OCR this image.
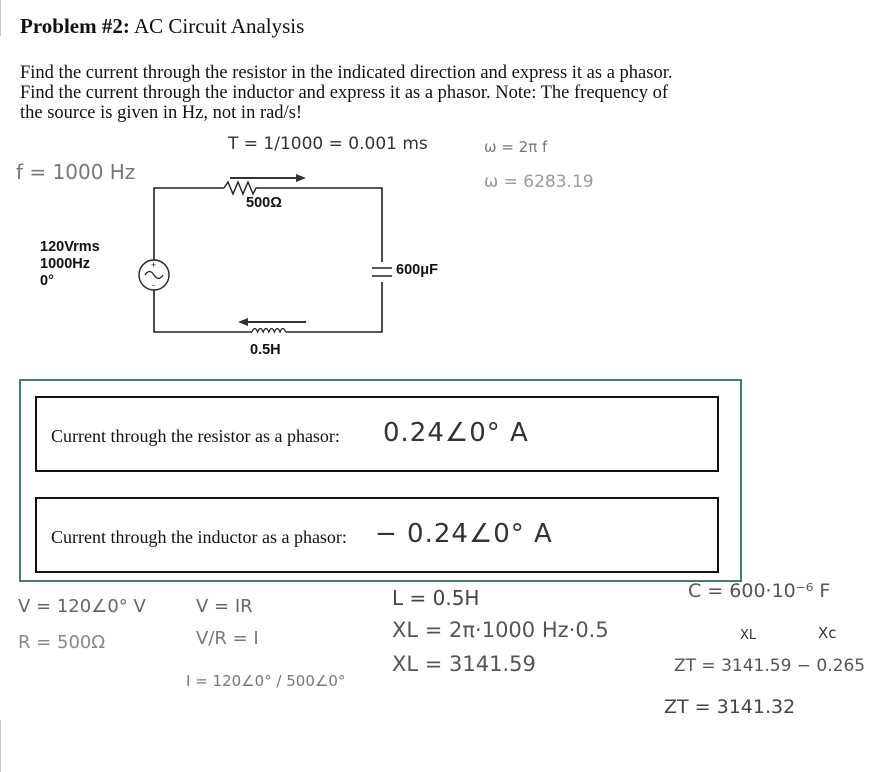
Problem #2: AC Circuit Analysis
Find the current through the resistor in the indicated direction and express it as a phasor.
Find the current through the inductor and express it as a phasor. Note: The frequency of
the source is given in Hz, not in rad/s!
T = 1/1000 = 0.001 ms
f = 1000 Hz
ω = 2π f
ω = 6283.19
+
-
500Ω
120Vrms
1000Hz
0°
600μF
0.5H
Current through the resistor as a phasor: 0.24∠0° A
Current through the inductor as a phasor: − 0.24∠0° A
V = 120∠0° V
R = 500Ω
V = IR
V/R = I
I = 120∠0° / 500∠0°
L = 0.5H
XL = 2π·1000 Hz·0.5
XL = 3141.59
C = 600·10⁻⁶ F
XL	Xc
ZT = 3141.59 − 0.265
ZT = 3141.32
